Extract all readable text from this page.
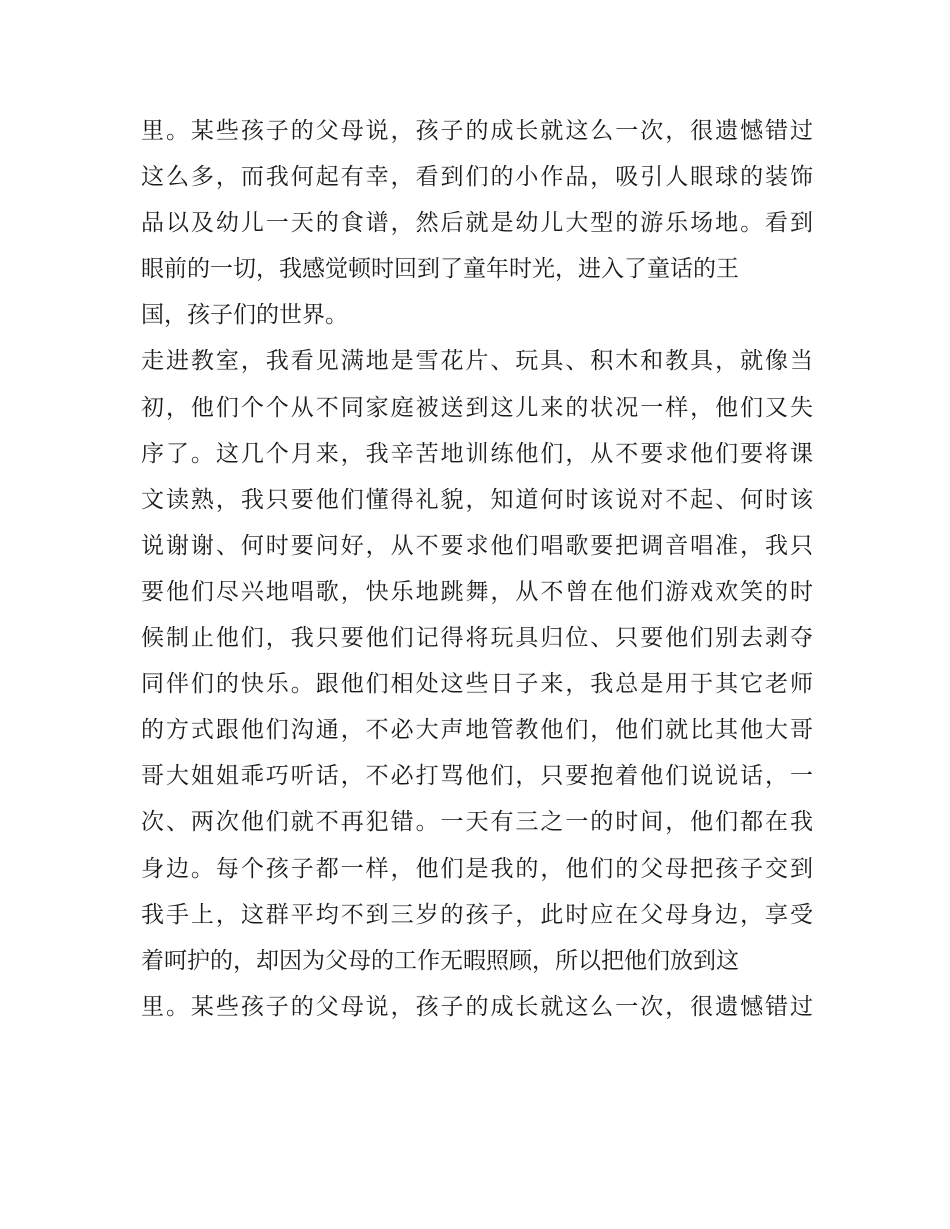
里。某些孩子的父母说，孩子的成长就这么一次，很遗憾错过
这么多，而我何起有幸，看到们的小作品，吸引人眼球的装饰
品以及幼儿一天的食谱，然后就是幼儿大型的游乐场地。看到
眼前的一切，我感觉顿时回到了童年时光，进入了童话的王
国，孩子们的世界。
走进教室，我看见满地是雪花片、玩具、积木和教具，就像当
初，他们个个从不同家庭被送到这儿来的状况一样，他们又失
序了。这几个月来，我辛苦地训练他们，从不要求他们要将课
文读熟，我只要他们懂得礼貌，知道何时该说对不起、何时该
说谢谢、何时要问好，从不要求他们唱歌要把调音唱准，我只
要他们尽兴地唱歌，快乐地跳舞，从不曾在他们游戏欢笑的时
候制止他们，我只要他们记得将玩具归位、只要他们别去剥夺
同伴们的快乐。跟他们相处这些日子来，我总是用于其它老师
的方式跟他们沟通，不必大声地管教他们，他们就比其他大哥
哥大姐姐乖巧听话，不必打骂他们，只要抱着他们说说话，一
次、两次他们就不再犯错。一天有三之一的时间，他们都在我
身边。每个孩子都一样，他们是我的，他们的父母把孩子交到
我手上，这群平均不到三岁的孩子，此时应在父母身边，享受
着呵护的，却因为父母的工作无暇照顾，所以把他们放到这
里。某些孩子的父母说，孩子的成长就这么一次，很遗憾错过
